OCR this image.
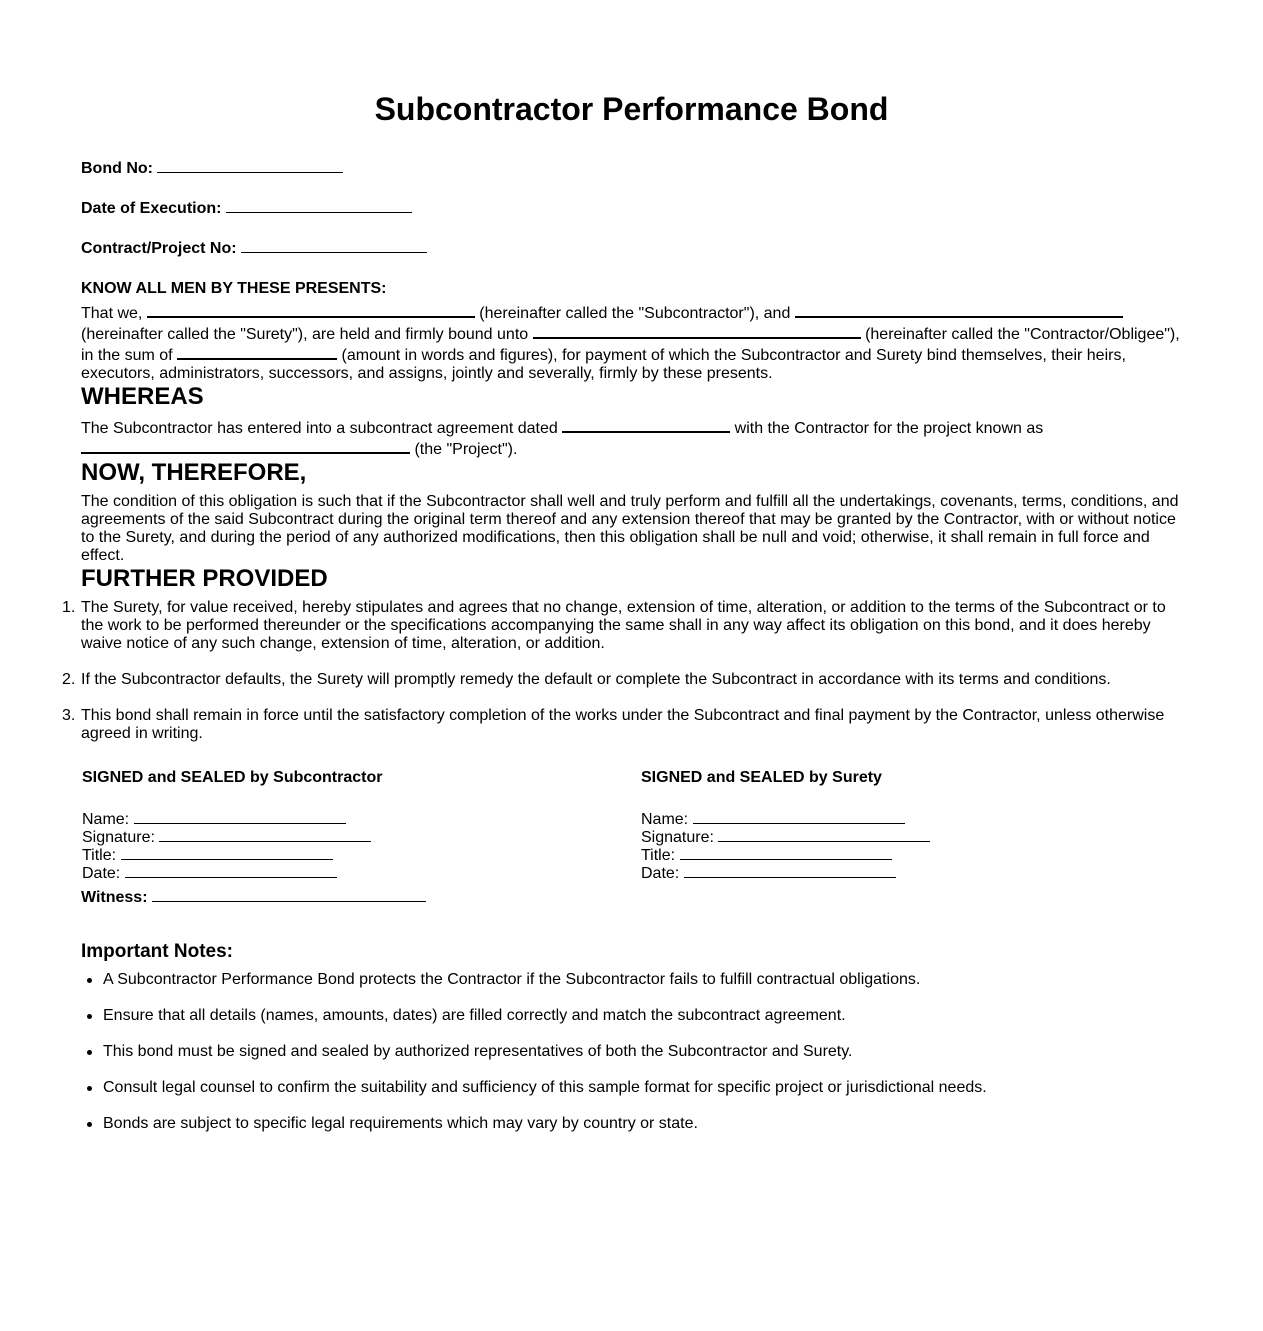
Subcontractor Performance Bond
Bond No:
Date of Execution:
Contract/Project No:
KNOW ALL MEN BY THESE PRESENTS:

That we,	(hereinafter called the "Subcontractor"), and  (hereinafter called the "Surety"), are held and firmly bound unto	(hereinafter called the "Contractor/Obligee"), in the sum of	(amount in words and figures), for payment of which the Subcontractor and Surety bind themselves, their heirs, executors, administrators, successors, and assigns, jointly and severally, firmly by these presents.

WHEREAS

The Subcontractor has entered into a subcontract agreement dated	with the Contractor for the project known as
(the "Project").

NOW, THEREFORE,

The condition of this obligation is such that if the Subcontractor shall well and truly perform and fulfill all the undertakings, covenants, terms, conditions, and agreements of the said Subcontract during the original term thereof and any extension thereof that may be granted by the Contractor, with or without notice to the Surety, and during the period of any authorized modifications, then this obligation shall be null and void; otherwise, it shall remain in full force and effect.

FURTHER PROVIDED
1. The Surety, for value received, hereby stipulates and agrees that no change, extension of time, alteration, or addition to the terms of the Subcontract or to the work to be performed thereunder or the specifications accompanying the same shall in any way affect its obligation on this bond, and it does hereby waive notice of any such change, extension of time, alteration, or addition.
2. If the Subcontractor defaults, the Surety will promptly remedy the default or complete the Subcontract in accordance with its terms and conditions.
3. This bond shall remain in force until the satisfactory completion of the works under the Subcontract and final payment by the Contractor, unless otherwise agreed in writing.
SIGNED and SEALED by Subcontractor
Name:
Signature:
Title:
Date:
SIGNED and SEALED by Surety
Name:
Signature:
Title:
Date:
Witness:
Important Notes:
A Subcontractor Performance Bond protects the Contractor if the Subcontractor fails to fulfill contractual obligations.
Ensure that all details (names, amounts, dates) are filled correctly and match the subcontract agreement.
This bond must be signed and sealed by authorized representatives of both the Subcontractor and Surety.
Consult legal counsel to confirm the suitability and sufficiency of this sample format for specific project or jurisdictional needs.
Bonds are subject to specific legal requirements which may vary by country or state.
